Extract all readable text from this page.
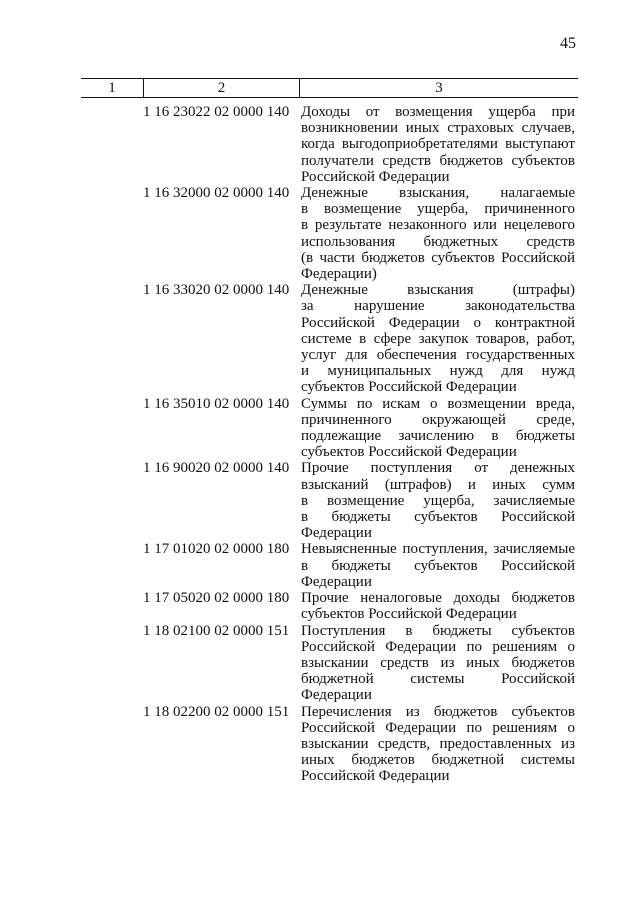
45
1	2	3
1 16 23022 02 0000 140 Доходы от возмещения ущерба при
возникновении иных страховых случаев,
когда выгодоприобретателями выступают
получатели средств бюджетов субъектов
Российской Федерации
1 16 32000 02 0000 140 Денежные взыскания, налагаемые
в возмещение ущерба, причиненного
в результате незаконного или нецелевого
использования бюджетных средств
(в части бюджетов субъектов Российской
Федерации)
1 16 33020 02 0000 140 Денежные взыскания (штрафы)
за нарушение законодательства
Российской Федерации о контрактной
системе в сфере закупок товаров, работ,
услуг для обеспечения государственных
и муниципальных нужд для нужд
субъектов Российской Федерации
1 16 35010 02 0000 140 Суммы по искам о возмещении вреда,
причиненного окружающей среде,
подлежащие зачислению в бюджеты
субъектов Российской Федерации
1 16 90020 02 0000 140 Прочие поступления от денежных
взысканий (штрафов) и иных сумм
в возмещение ущерба, зачисляемые
в бюджеты субъектов Российской
Федерации
1 17 01020 02 0000 180 Невыясненные поступления, зачисляемые
в бюджеты субъектов Российской
Федерации
1 17 05020 02 0000 180 Прочие неналоговые доходы бюджетов
субъектов Российской Федерации
1 18 02100 02 0000 151 Поступления в бюджеты субъектов
Российской Федерации по решениям о
взыскании средств из иных бюджетов
бюджетной системы Российской
Федерации
1 18 02200 02 0000 151 Перечисления из бюджетов субъектов
Российской Федерации по решениям о
взыскании средств, предоставленных из
иных бюджетов бюджетной системы
Российской Федерации
